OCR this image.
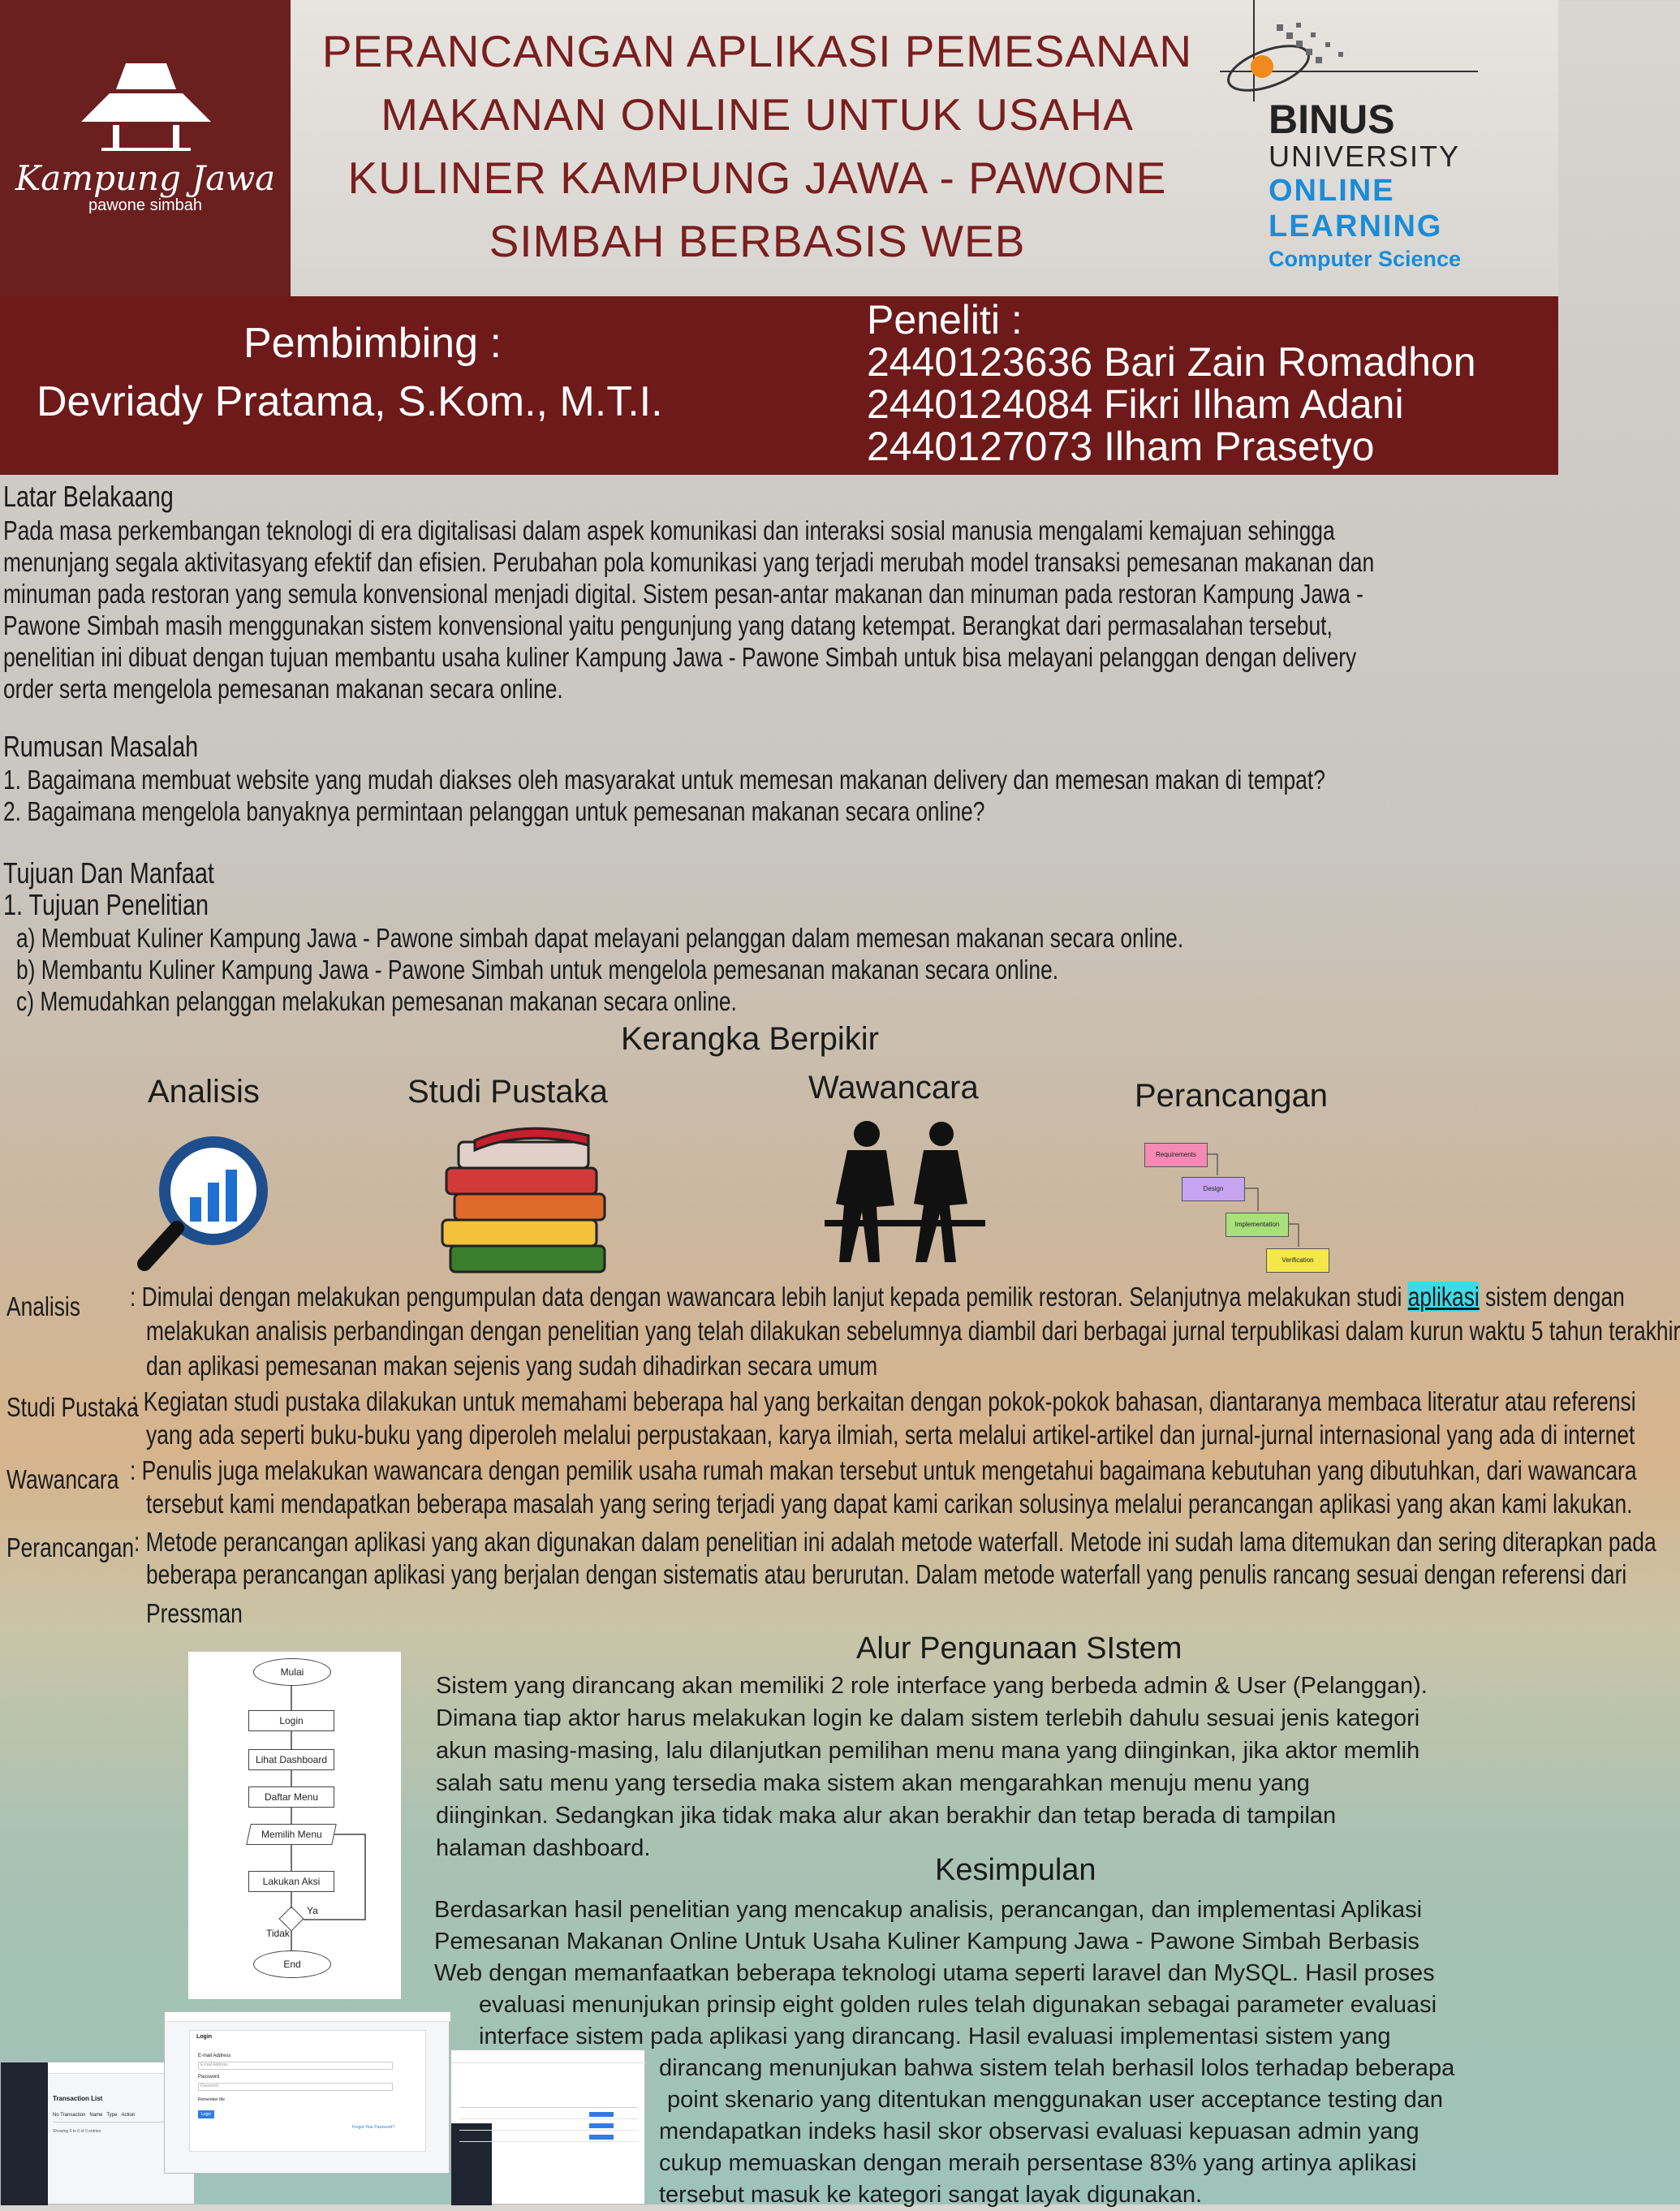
Kampung Jawa
pawone simbah
PERANCANGAN APLIKASI PEMESANAN
MAKANAN ONLINE UNTUK USAHA
KULINER KAMPUNG JAWA - PAWONE
SIMBAH BERBASIS WEB
BINUS
UNIVERSITY
ONLINE
LEARNING
Computer Science
Pembimbing :
Devriady Pratama, S.Kom., M.T.I.
Peneliti :
2440123636 Bari Zain Romadhon
2440124084 Fikri Ilham Adani
2440127073 Ilham Prasetyo
Latar Belakaang
Pada masa perkembangan teknologi di era digitalisasi dalam aspek komunikasi dan interaksi sosial manusia mengalami kemajuan sehingga
menunjang segala aktivitasyang efektif dan efisien. Perubahan pola komunikasi yang terjadi merubah model transaksi pemesanan makanan dan
minuman pada restoran yang semula konvensional menjadi digital. Sistem pesan-antar makanan dan minuman pada restoran Kampung Jawa -
Pawone Simbah masih menggunakan sistem konvensional yaitu pengunjung yang datang ketempat. Berangkat dari permasalahan tersebut,
penelitian ini dibuat dengan tujuan membantu usaha kuliner Kampung Jawa - Pawone Simbah untuk bisa melayani pelanggan dengan delivery
order serta mengelola pemesanan makanan secara online.
Rumusan Masalah
1. Bagaimana membuat website yang mudah diakses oleh masyarakat untuk memesan makanan delivery dan memesan makan di tempat?
2. Bagaimana mengelola banyaknya permintaan pelanggan untuk pemesanan makanan secara online?
Tujuan Dan Manfaat
1. Tujuan Penelitian
a) Membuat Kuliner Kampung Jawa - Pawone simbah dapat melayani pelanggan dalam memesan makanan secara online.
b) Membantu Kuliner Kampung Jawa - Pawone Simbah untuk mengelola pemesanan makanan secara online.
c) Memudahkan pelanggan melakukan pemesanan makanan secara online.
Kerangka Berpikir
Analisis	Studi Pustaka	Wawancara	Perancangan
Requirements
Design
Implementation
Verification
Analisis : Dimulai dengan melakukan pengumpulan data dengan wawancara lebih lanjut kepada pemilik restoran. Selanjutnya melakukan studi aplikasi sistem dengan
melakukan analisis perbandingan dengan penelitian yang telah dilakukan sebelumnya diambil dari berbagai jurnal terpublikasi dalam kurun waktu 5 tahun terakhir
dan aplikasi pemesanan makan sejenis yang sudah dihadirkan secara umum
Studi Pustaka
: Kegiatan studi pustaka dilakukan untuk memahami beberapa hal yang berkaitan dengan pokok-pokok bahasan, diantaranya membaca literatur atau referensi
yang ada seperti buku-buku yang diperoleh melalui perpustakaan, karya ilmiah, serta melalui artikel-artikel dan jurnal-jurnal internasional yang ada di internet
Wawancara : Penulis juga melakukan wawancara dengan pemilik usaha rumah makan tersebut untuk mengetahui bagaimana kebutuhan yang dibutuhkan, dari wawancara
tersebut kami mendapatkan beberapa masalah yang sering terjadi yang dapat kami carikan solusinya melalui perancangan aplikasi yang akan kami lakukan.
Perancangan : Metode perancangan aplikasi yang akan digunakan dalam penelitian ini adalah metode waterfall. Metode ini sudah lama ditemukan dan sering diterapkan pada
beberapa perancangan aplikasi yang berjalan dengan sistematis atau berurutan. Dalam metode waterfall yang penulis rancang sesuai dengan referensi dari
Pressman
Mulai
Login
Lihat Dashboard
Daftar Menu
Memilih Menu
Lakukan Aksi
Ya
Tidak
End
Alur Pengunaan SIstem
Sistem yang dirancang akan memiliki 2 role interface yang berbeda admin & User (Pelanggan).
Dimana tiap aktor harus melakukan login ke dalam sistem terlebih dahulu sesuai jenis kategori
akun masing-masing, lalu dilanjutkan pemilihan menu mana yang diinginkan, jika aktor memlih
salah satu menu yang tersedia maka sistem akan mengarahkan menuju menu yang
diinginkan. Sedangkan jika tidak maka alur akan berakhir dan tetap berada di tampilan
halaman dashboard.
Kesimpulan
Berdasarkan hasil penelitian yang mencakup analisis, perancangan, dan implementasi Aplikasi
Pemesanan Makanan Online Untuk Usaha Kuliner Kampung Jawa - Pawone Simbah Berbasis
Web dengan memanfaatkan beberapa teknologi utama seperti laravel dan MySQL. Hasil proses
evaluasi menunjukan prinsip eight golden rules telah digunakan sebagai parameter evaluasi
interface sistem pada aplikasi yang dirancang. Hasil evaluasi implementasi sistem yang
dirancang menunjukan bahwa sistem telah berhasil lolos terhadap beberapa
point skenario yang ditentukan menggunakan user acceptance testing dan
mendapatkan indeks hasil skor observasi evaluasi kepuasan admin yang
cukup memuaskan dengan meraih persentase 83% yang artinya aplikasi
tersebut masuk ke kategori sangat layak digunakan.
Transaction List
No Transaction Name Type Action
Showing 0 to 0 of 0 entries
Login
E-mail Address
E-mail Address
Password
Password
Remember Me
Login
Forgot Your Password?
